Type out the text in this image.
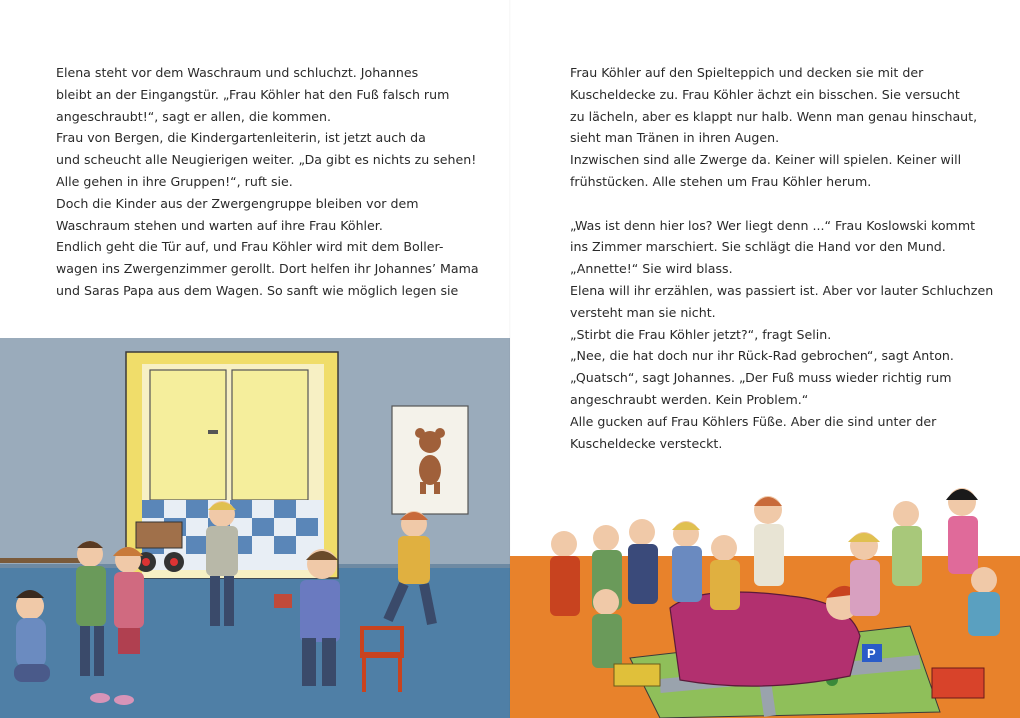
Elena steht vor dem Waschraum und schluchzt. Johannes
bleibt an der Eingangstür. „Frau Köhler hat den Fuß falsch rum
angeschraubt!“, sagt er allen, die kommen.
Frau von Bergen, die Kindergartenleiterin, ist jetzt auch da
und scheucht alle Neugierigen weiter. „Da gibt es nichts zu sehen!
Alle gehen in ihre Gruppen!“, ruft sie.
Doch die Kinder aus der Zwergengruppe bleiben vor dem
Waschraum stehen und warten auf ihre Frau Köhler.
Endlich geht die Tür auf, und Frau Köhler wird mit dem Boller-
wagen ins Zwergenzimmer gerollt. Dort helfen ihr Johannes’ Mama
und Saras Papa aus dem Wagen. So sanft wie möglich legen sie
Frau Köhler auf den Spielteppich und decken sie mit der
Kuscheldecke zu. Frau Köhler ächzt ein bisschen. Sie versucht
zu lächeln, aber es klappt nur halb. Wenn man genau hinschaut,
sieht man Tränen in ihren Augen.
Inzwischen sind alle Zwerge da. Keiner will spielen. Keiner will
frühstücken. Alle stehen um Frau Köhler herum.
„Was ist denn hier los? Wer liegt denn ...“ Frau Koslowski kommt
ins Zimmer marschiert. Sie schlägt die Hand vor den Mund.
„Annette!“ Sie wird blass.
Elena will ihr erzählen, was passiert ist. Aber vor lauter Schluchzen
versteht man sie nicht.
„Stirbt die Frau Köhler jetzt?“, fragt Selin.
„Nee, die hat doch nur ihr Rück-Rad gebrochen“, sagt Anton.
„Quatsch“, sagt Johannes. „Der Fuß muss wieder richtig rum
angeschraubt werden. Kein Problem.“
Alle gucken auf Frau Köhlers Füße. Aber die sind unter der
Kuscheldecke versteckt.
P
